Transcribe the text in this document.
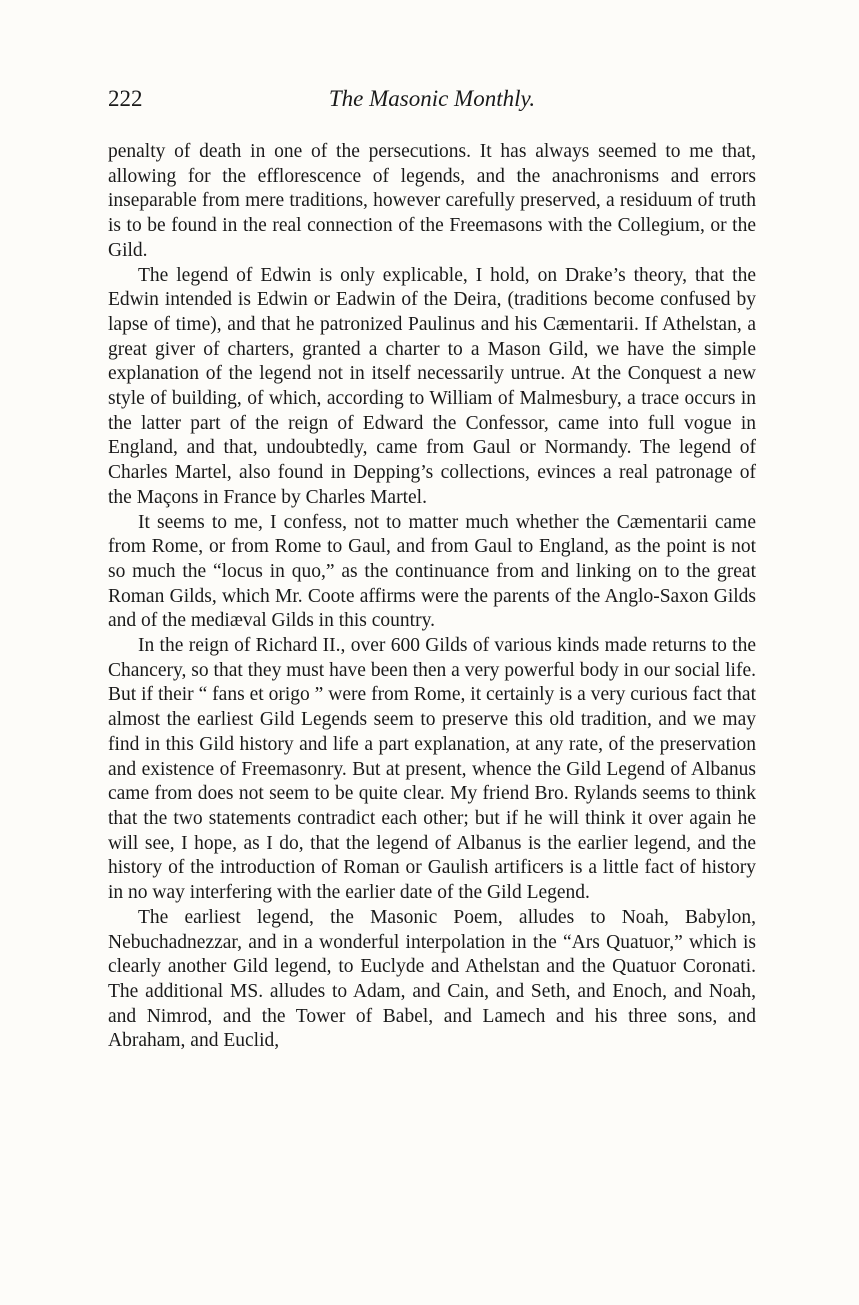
222	The Masonic Monthly.

penalty of death in one of the persecutions. It has always seemed to me that, allowing for the efflorescence of legends, and the anachronisms and errors inseparable from mere traditions, however carefully preserved, a residuum of truth is to be found in the real connection of the Freemasons with the Collegium, or the Gild.

The legend of Edwin is only explicable, I hold, on Drake’s theory, that the Edwin intended is Edwin or Eadwin of the Deira, (traditions become confused by lapse of time), and that he patronized Paulinus and his Cæmentarii. If Athelstan, a great giver of charters, granted a charter to a Mason Gild, we have the simple explanation of the legend not in itself necessarily untrue. At the Conquest a new style of building, of which, according to William of Malmesbury, a trace occurs in the latter part of the reign of Edward the Confessor, came into full vogue in England, and that, undoubtedly, came from Gaul or Normandy. The legend of Charles Martel, also found in Depping’s collections, evinces a real patronage of the Maçons in France by Charles Martel.

It seems to me, I confess, not to matter much whether the Cæmentarii came from Rome, or from Rome to Gaul, and from Gaul to England, as the point is not so much the “locus in quo,” as the continuance from and linking on to the great Roman Gilds, which Mr. Coote affirms were the parents of the Anglo-Saxon Gilds and of the mediæval Gilds in this country.

In the reign of Richard II., over 600 Gilds of various kinds made returns to the Chancery, so that they must have been then a very powerful body in our social life. But if their “ fans et origo ” were from Rome, it certainly is a very curious fact that almost the earliest Gild Legends seem to preserve this old tradition, and we may find in this Gild history and life a part explanation, at any rate, of the preservation and existence of Freemasonry. But at present, whence the Gild Legend of Albanus came from does not seem to be quite clear. My friend Bro. Rylands seems to think that the two statements contradict each other; but if he will think it over again he will see, I hope, as I do, that the legend of Albanus is the earlier legend, and the history of the introduction of Roman or Gaulish artificers is a little fact of history in no way interfering with the earlier date of the Gild Legend.

The earliest legend, the Masonic Poem, alludes to Noah, Babylon, Nebuchadnezzar, and in a wonderful interpolation in the “Ars Quatuor,” which is clearly another Gild legend, to Euclyde and Athelstan and the Quatuor Coronati. The additional MS. alludes to Adam, and Cain, and Seth, and Enoch, and Noah, and Nimrod, and the Tower of Babel, and Lamech and his three sons, and Abraham, and Euclid,
